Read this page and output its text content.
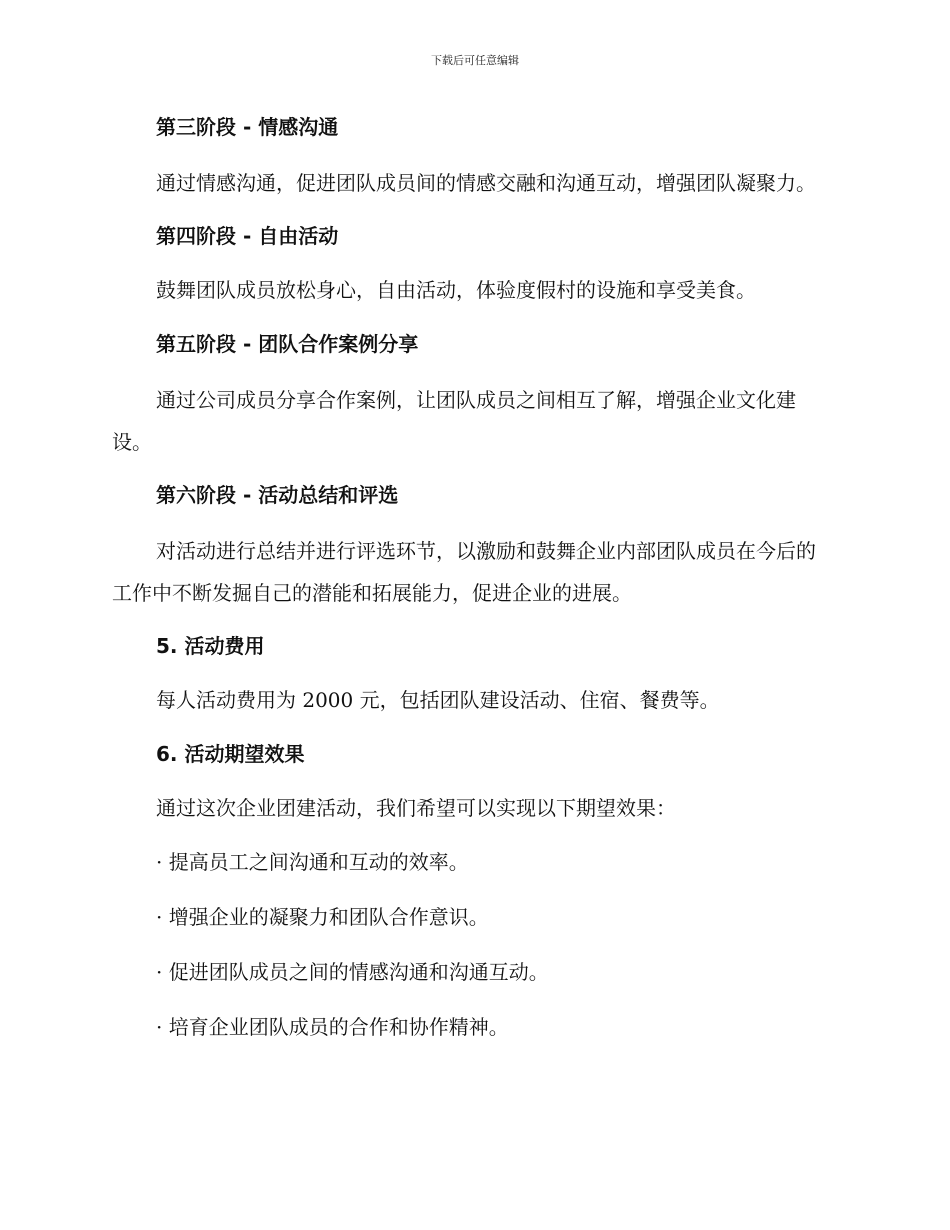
下载后可任意编辑
第三阶段 - 情感沟通
通过情感沟通，促进团队成员间的情感交融和沟通互动，增强团队凝聚力。
第四阶段 - 自由活动
鼓舞团队成员放松身心，自由活动，体验度假村的设施和享受美食。
第五阶段 - 团队合作案例分享
通过公司成员分享合作案例，让团队成员之间相互了解，增强企业文化建设。
第六阶段 - 活动总结和评选
对活动进行总结并进行评选环节，以激励和鼓舞企业内部团队成员在今后的工作中不断发掘自己的潜能和拓展能力，促进企业的进展。
5. 活动费用
每人活动费用为 2000 元，包括团队建设活动、住宿、餐费等。
6. 活动期望效果
通过这次企业团建活动，我们希望可以实现以下期望效果：
· 提高员工之间沟通和互动的效率。
· 增强企业的凝聚力和团队合作意识。
· 促进团队成员之间的情感沟通和沟通互动。
· 培育企业团队成员的合作和协作精神。
